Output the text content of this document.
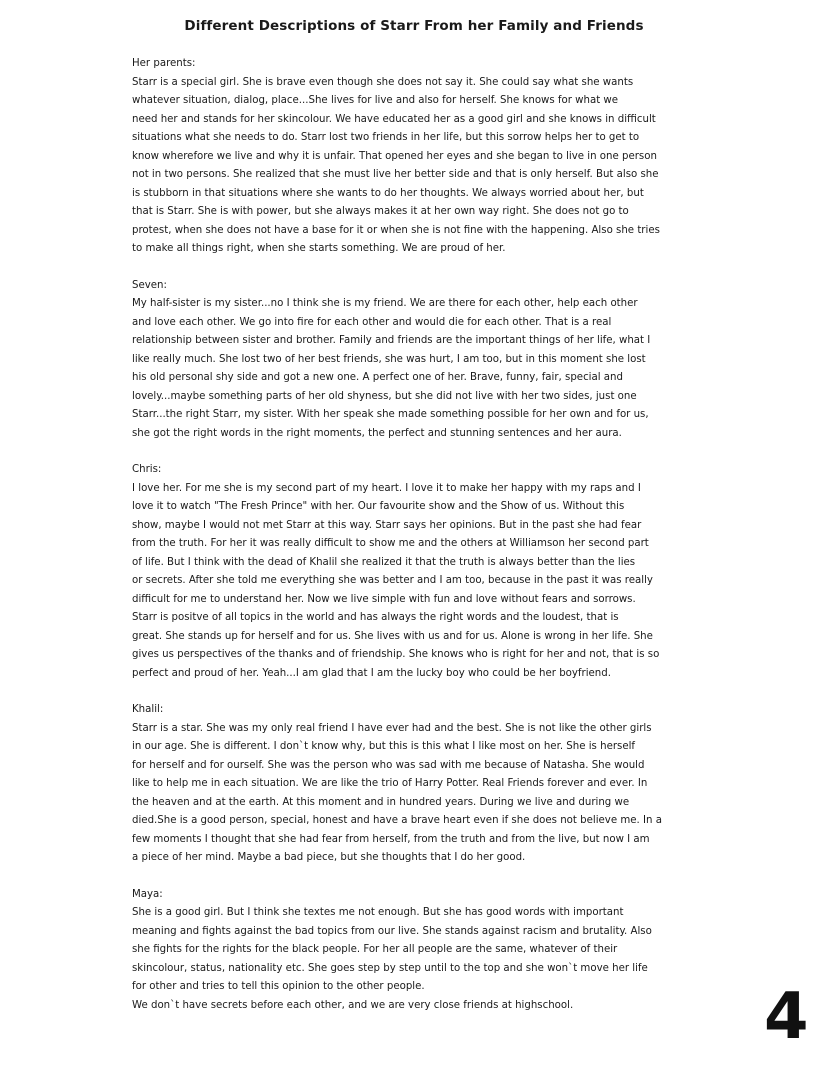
Different Descriptions of Starr From her Family and Friends
Her parents:
Starr is a special girl. She is brave even though she does not say it. She could say what she wants
whatever situation, dialog, place...She lives for live and also for herself. She knows for what we
need her and stands for her skincolour. We have educated her as a good girl and she knows in difficult
situations what she needs to do. Starr lost two friends in her life, but this sorrow helps her to get to
know wherefore we live and why it is unfair. That opened her eyes and she began to live in one person
not in two persons. She realized that she must live her better side and that is only herself. But also she
is stubborn in that situations where she wants to do her thoughts. We always worried about her, but
that is Starr. She is with power, but she always makes it at her own way right. She does not go to
protest, when she does not have a base for it or when she is not fine with the happening. Also she tries
to make all things right, when she starts something. We are proud of her.
Seven:
My half-sister is my sister...no I think she is my friend. We are there for each other, help each other
and love each other. We go into fire for each other and would die for each other. That is a real
relationship between sister and brother. Family and friends are the important things of her life, what I
like really much. She lost two of her best friends, she was hurt, I am too, but in this moment she lost
his old personal shy side and got a new one. A perfect one of her. Brave, funny, fair, special and
lovely...maybe something parts of her old shyness, but she did not live with her two sides, just one
Starr...the right Starr, my sister. With her speak she made something possible for her own and for us,
she got the right words in the right moments, the perfect and stunning sentences and her aura.
Chris:
I love her. For me she is my second part of my heart. I love it to make her happy with my raps and I
love it to watch "The Fresh Prince" with her. Our favourite show and the Show of us. Without this
show, maybe I would not met Starr at this way. Starr says her opinions. But in the past she had fear
from the truth. For her it was really difficult to show me and the others at Williamson her second part
of life. But I think with the dead of Khalil she realized it that the truth is always better than the lies
or secrets. After she told me everything she was better and I am too, because in the past it was really
difficult for me to understand her. Now we live simple with fun and love without fears and sorrows.
Starr is positve of all topics in the world and has always the right words and the loudest, that is
great. She stands up for herself and for us. She lives with us and for us. Alone is wrong in her life. She
gives us perspectives of the thanks and of friendship. She knows who is right for her and not, that is so
perfect and proud of her. Yeah...I am glad that I am the lucky boy who could be her boyfriend.
Khalil:
Starr is a star. She was my only real friend I have ever had and the best. She is not like the other girls
in our age. She is different. I don`t know why, but this is this what I like most on her. She is herself
for herself and for ourself. She was the person who was sad with me because of Natasha. She would
like to help me in each situation. We are like the trio of Harry Potter. Real Friends forever and ever. In
the heaven and at the earth. At this moment and in hundred years. During we live and during we
died.She is a good person, special, honest and have a brave heart even if she does not believe me. In a
few moments I thought that she had fear from herself, from the truth and from the live, but now I am
a piece of her mind. Maybe a bad piece, but she thoughts that I do her good.
Maya:
She is a good girl. But I think she textes me not enough. But she has good words with important
meaning and fights against the bad topics from our live. She stands against racism and brutality. Also
she fights for the rights for the black people. For her all people are the same, whatever of their
skincolour, status, nationality etc. She goes step by step until to the top and she won`t move her life
for other and tries to tell this opinion to the other people.
We don`t have secrets before each other, and we are very close friends at highschool.	4
